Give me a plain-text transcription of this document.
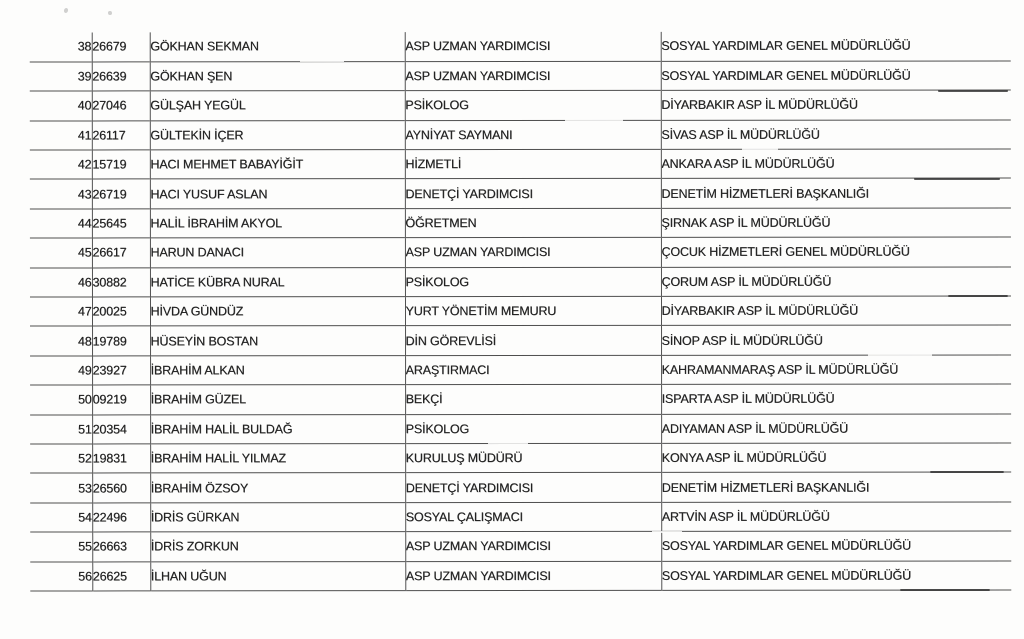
38	26679	GÖKHAN SEKMAN	ASP UZMAN YARDIMCISI	SOSYAL YARDIMLAR GENEL MÜDÜRLÜĞÜ
39	26639	GÖKHAN ŞEN	ASP UZMAN YARDIMCISI	SOSYAL YARDIMLAR GENEL MÜDÜRLÜĞÜ
40	27046	GÜLŞAH YEGÜL	PSİKOLOG	DİYARBAKIR ASP İL MÜDÜRLÜĞÜ
41	26117	GÜLTEKİN İÇER	AYNİYAT SAYMANI	SİVAS ASP İL MÜDÜRLÜĞÜ
42	15719	HACI MEHMET BABAYİĞİT	HİZMETLİ	ANKARA ASP İL MÜDÜRLÜĞÜ
43	26719	HACI YUSUF ASLAN	DENETÇİ YARDIMCISI	DENETİM HİZMETLERİ BAŞKANLIĞI
44	25645	HALİL İBRAHİM AKYOL	ÖĞRETMEN	ŞIRNAK ASP İL MÜDÜRLÜĞÜ
45	26617	HARUN DANACI	ASP UZMAN YARDIMCISI	ÇOCUK HİZMETLERİ GENEL MÜDÜRLÜĞÜ
46	30882	HATİCE KÜBRA NURAL	PSİKOLOG	ÇORUM ASP İL MÜDÜRLÜĞÜ
47	20025	HİVDA GÜNDÜZ	YURT YÖNETİM MEMURU	DİYARBAKIR ASP İL MÜDÜRLÜĞÜ
48	19789	HÜSEYİN BOSTAN	DİN GÖREVLİSİ	SİNOP ASP İL MÜDÜRLÜĞÜ
49	23927	İBRAHİM ALKAN	ARAŞTIRMACI	KAHRAMANMARAŞ ASP İL MÜDÜRLÜĞÜ
50	09219	İBRAHİM GÜZEL	BEKÇİ	ISPARTA ASP İL MÜDÜRLÜĞÜ
51	20354	İBRAHİM HALİL BULDAĞ	PSİKOLOG	ADIYAMAN ASP İL MÜDÜRLÜĞÜ
52	19831	İBRAHİM HALİL YILMAZ	KURULUŞ MÜDÜRÜ	KONYA ASP İL MÜDÜRLÜĞÜ
53	26560	İBRAHİM ÖZSOY	DENETÇİ YARDIMCISI	DENETİM HİZMETLERİ BAŞKANLIĞI
54	22496	İDRİS GÜRKAN	SOSYAL ÇALIŞMACI	ARTVİN ASP İL MÜDÜRLÜĞÜ
55	26663	İDRİS ZORKUN	ASP UZMAN YARDIMCISI	SOSYAL YARDIMLAR GENEL MÜDÜRLÜĞÜ
56	26625	İLHAN UĞUN	ASP UZMAN YARDIMCISI	SOSYAL YARDIMLAR GENEL MÜDÜRLÜĞÜ
